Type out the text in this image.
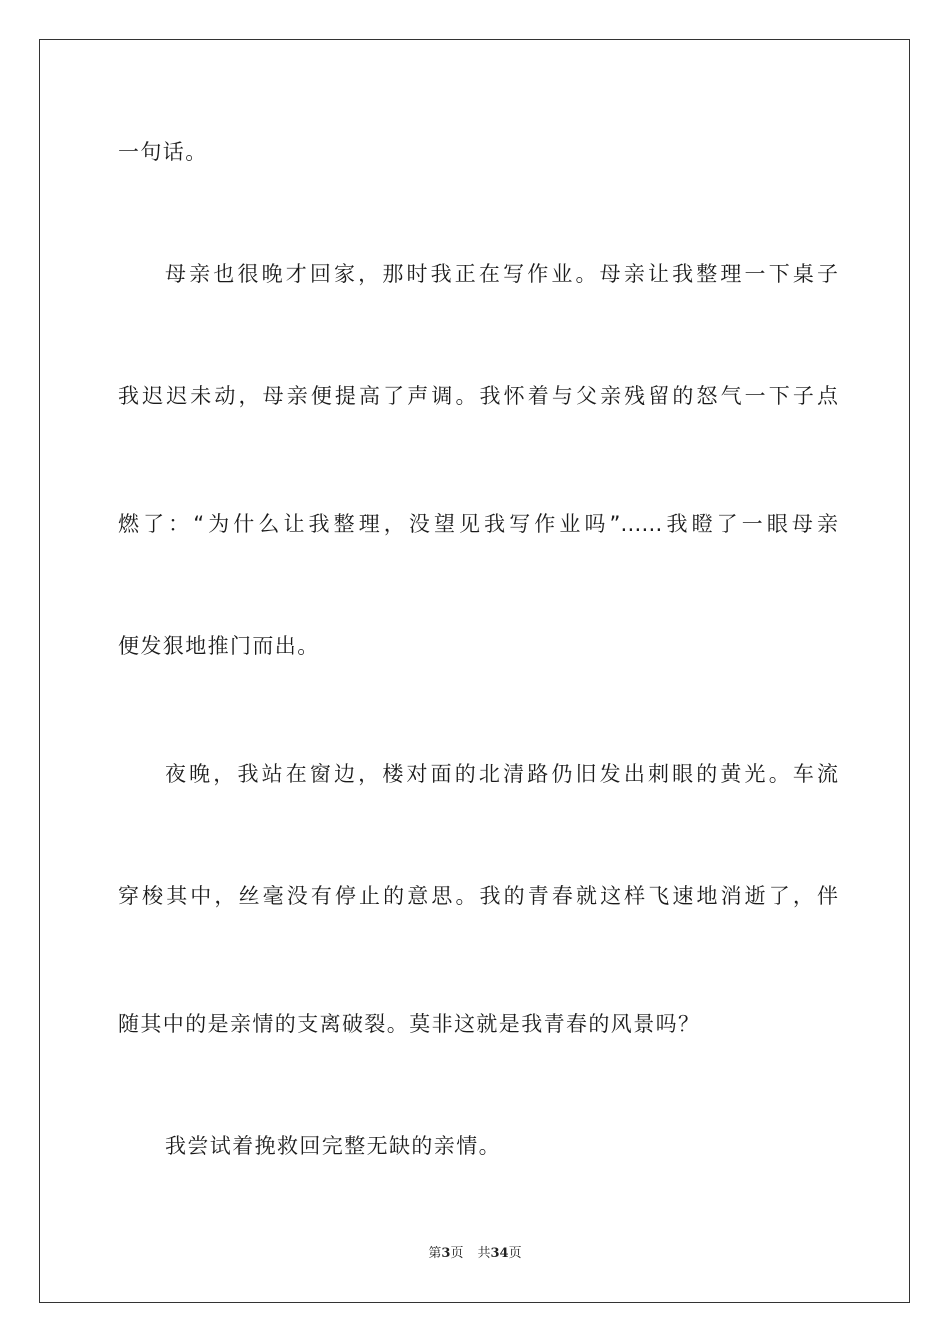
一句话。
母亲也很晚才回家，那时我正在写作业。母亲让我整理一下桌子
我迟迟未动，母亲便提高了声调。我怀着与父亲残留的怒气一下子点
燃了：“为什么让我整理，没望见我写作业吗”……我瞪了一眼母亲
便发狠地推门而出。
夜晚，我站在窗边，楼对面的北清路仍旧发出刺眼的黄光。车流
穿梭其中，丝毫没有停止的意思。我的青春就这样飞速地消逝了，伴
随其中的是亲情的支离破裂。莫非这就是我青春的风景吗？
我尝试着挽救回完整无缺的亲情。
第3页 共34页
